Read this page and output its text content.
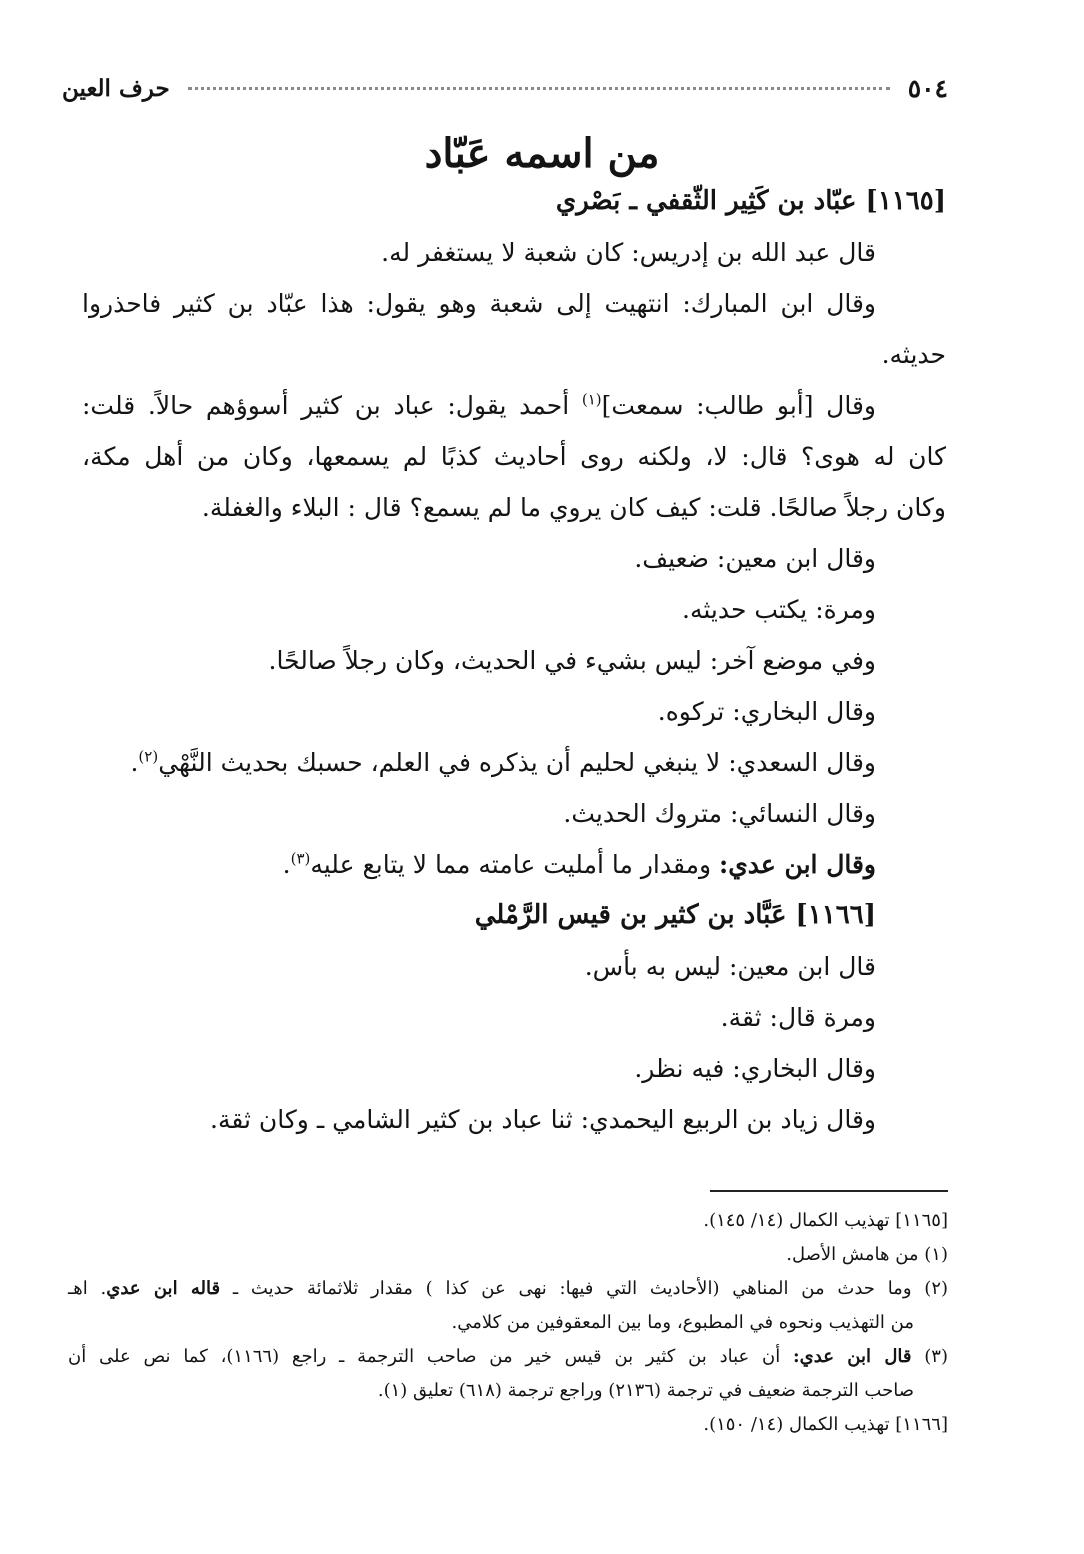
٥٠٤
حرف العين
من اسمه عَبّاد

[١١٦٥] عبّاد بن كَثِير الثّقفي ـ بَصْري

قال عبد الله بن إدريس: كان شعبة لا يستغفر له.

وقال ابن المبارك: انتهيت إلى شعبة وهو يقول: هذا عبّاد بن كثير فاحذروا

حديثه.

وقال [أبو طالب: سمعت]$^{(١)}$ أحمد يقول: عباد بن كثير أسوؤهم حالاً. قلت:

كان له هوى؟ قال: لا، ولكنه روى أحاديث كذبًا لم يسمعها، وكان من أهل مكة،

وكان رجلاً صالحًا. قلت: كيف كان يروي ما لم يسمع؟ قال : البلاء والغفلة.

وقال ابن معين: ضعيف.

ومرة: يكتب حديثه.

وفي موضع آخر: ليس بشيء في الحديث، وكان رجلاً صالحًا.

وقال البخاري: تركوه.

وقال السعدي: لا ينبغي لحليم أن يذكره في العلم، حسبك بحديث النَّهْي$^{(٢)}$.

وقال النسائي: متروك الحديث.

وقال ابن عدي: ومقدار ما أمليت عامته مما لا يتابع عليه$^{(٣)}$.

[١١٦٦] عَبَّاد بن كثير بن قيس الرَّمْلي

قال ابن معين: ليس به بأس.

ومرة قال: ثقة.

وقال البخاري: فيه نظر.

وقال زياد بن الربيع اليحمدي: ثنا عباد بن كثير الشامي ـ وكان ثقة.

[١١٦٥] تهذيب الكمال (١٤/ ١٤٥).

(١) من هامش الأصل.

(٢) وما حدث من المناهي (الأحاديث التي فيها: نهى عن كذا ) مقدار ثلاثمائة حديث ـ قاله ابن عدي. اهـ

من التهذيب ونحوه في المطبوع، وما بين المعقوفين من كلامي.

(٣) قال ابن عدي: أن عباد بن كثير بن قيس خير من صاحب الترجمة ـ راجع (١١٦٦)، كما نص على أن

صاحب الترجمة ضعيف في ترجمة (٢١٣٦) وراجع ترجمة (٦١٨) تعليق (١).

[١١٦٦] تهذيب الكمال (١٤/ ١٥٠).
